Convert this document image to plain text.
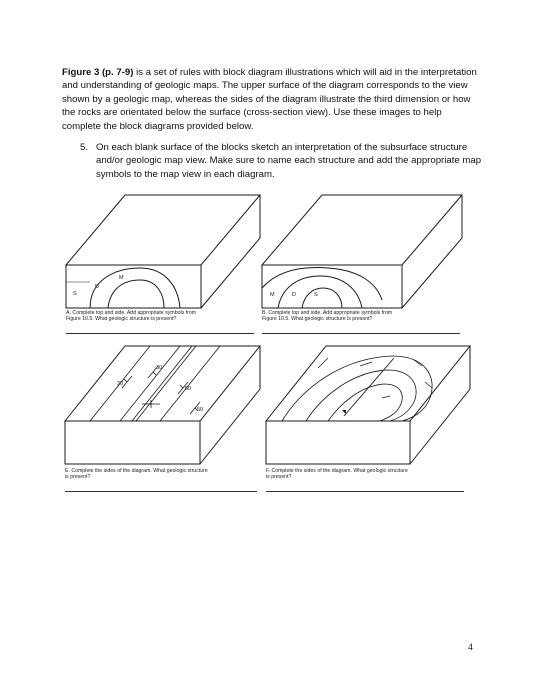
Figure 3 (p. 7-9) is a set of rules with block diagram illustrations which will aid in the interpretation and understanding of geologic maps. The upper surface of the diagram corresponds to the view shown by a geologic map, whereas the sides of the diagram illustrate the third dimension or how the rocks are orientated below the surface (cross-section view). Use these images to help complete the block diagrams provided below.

5. On each blank surface of the blocks sketch an interpretation of the subsurface structure and/or geologic map view. Make sure to name each structure and add the appropriate map symbols to the map view in each diagram.
M
D
S
A. Complete top and side. Add appropriate symbols from
Figure 10.5. What geologic structure is present?
M	D	S
B. Complete top and side. Add appropriate symbols from
Figure 10.5. What geologic structure is present?
30
30
50
50
E. Complete the sides of the diagram. What geologic structure
is present?
F. Complete the sides of the diagram. What geologic structure
is present?
4
